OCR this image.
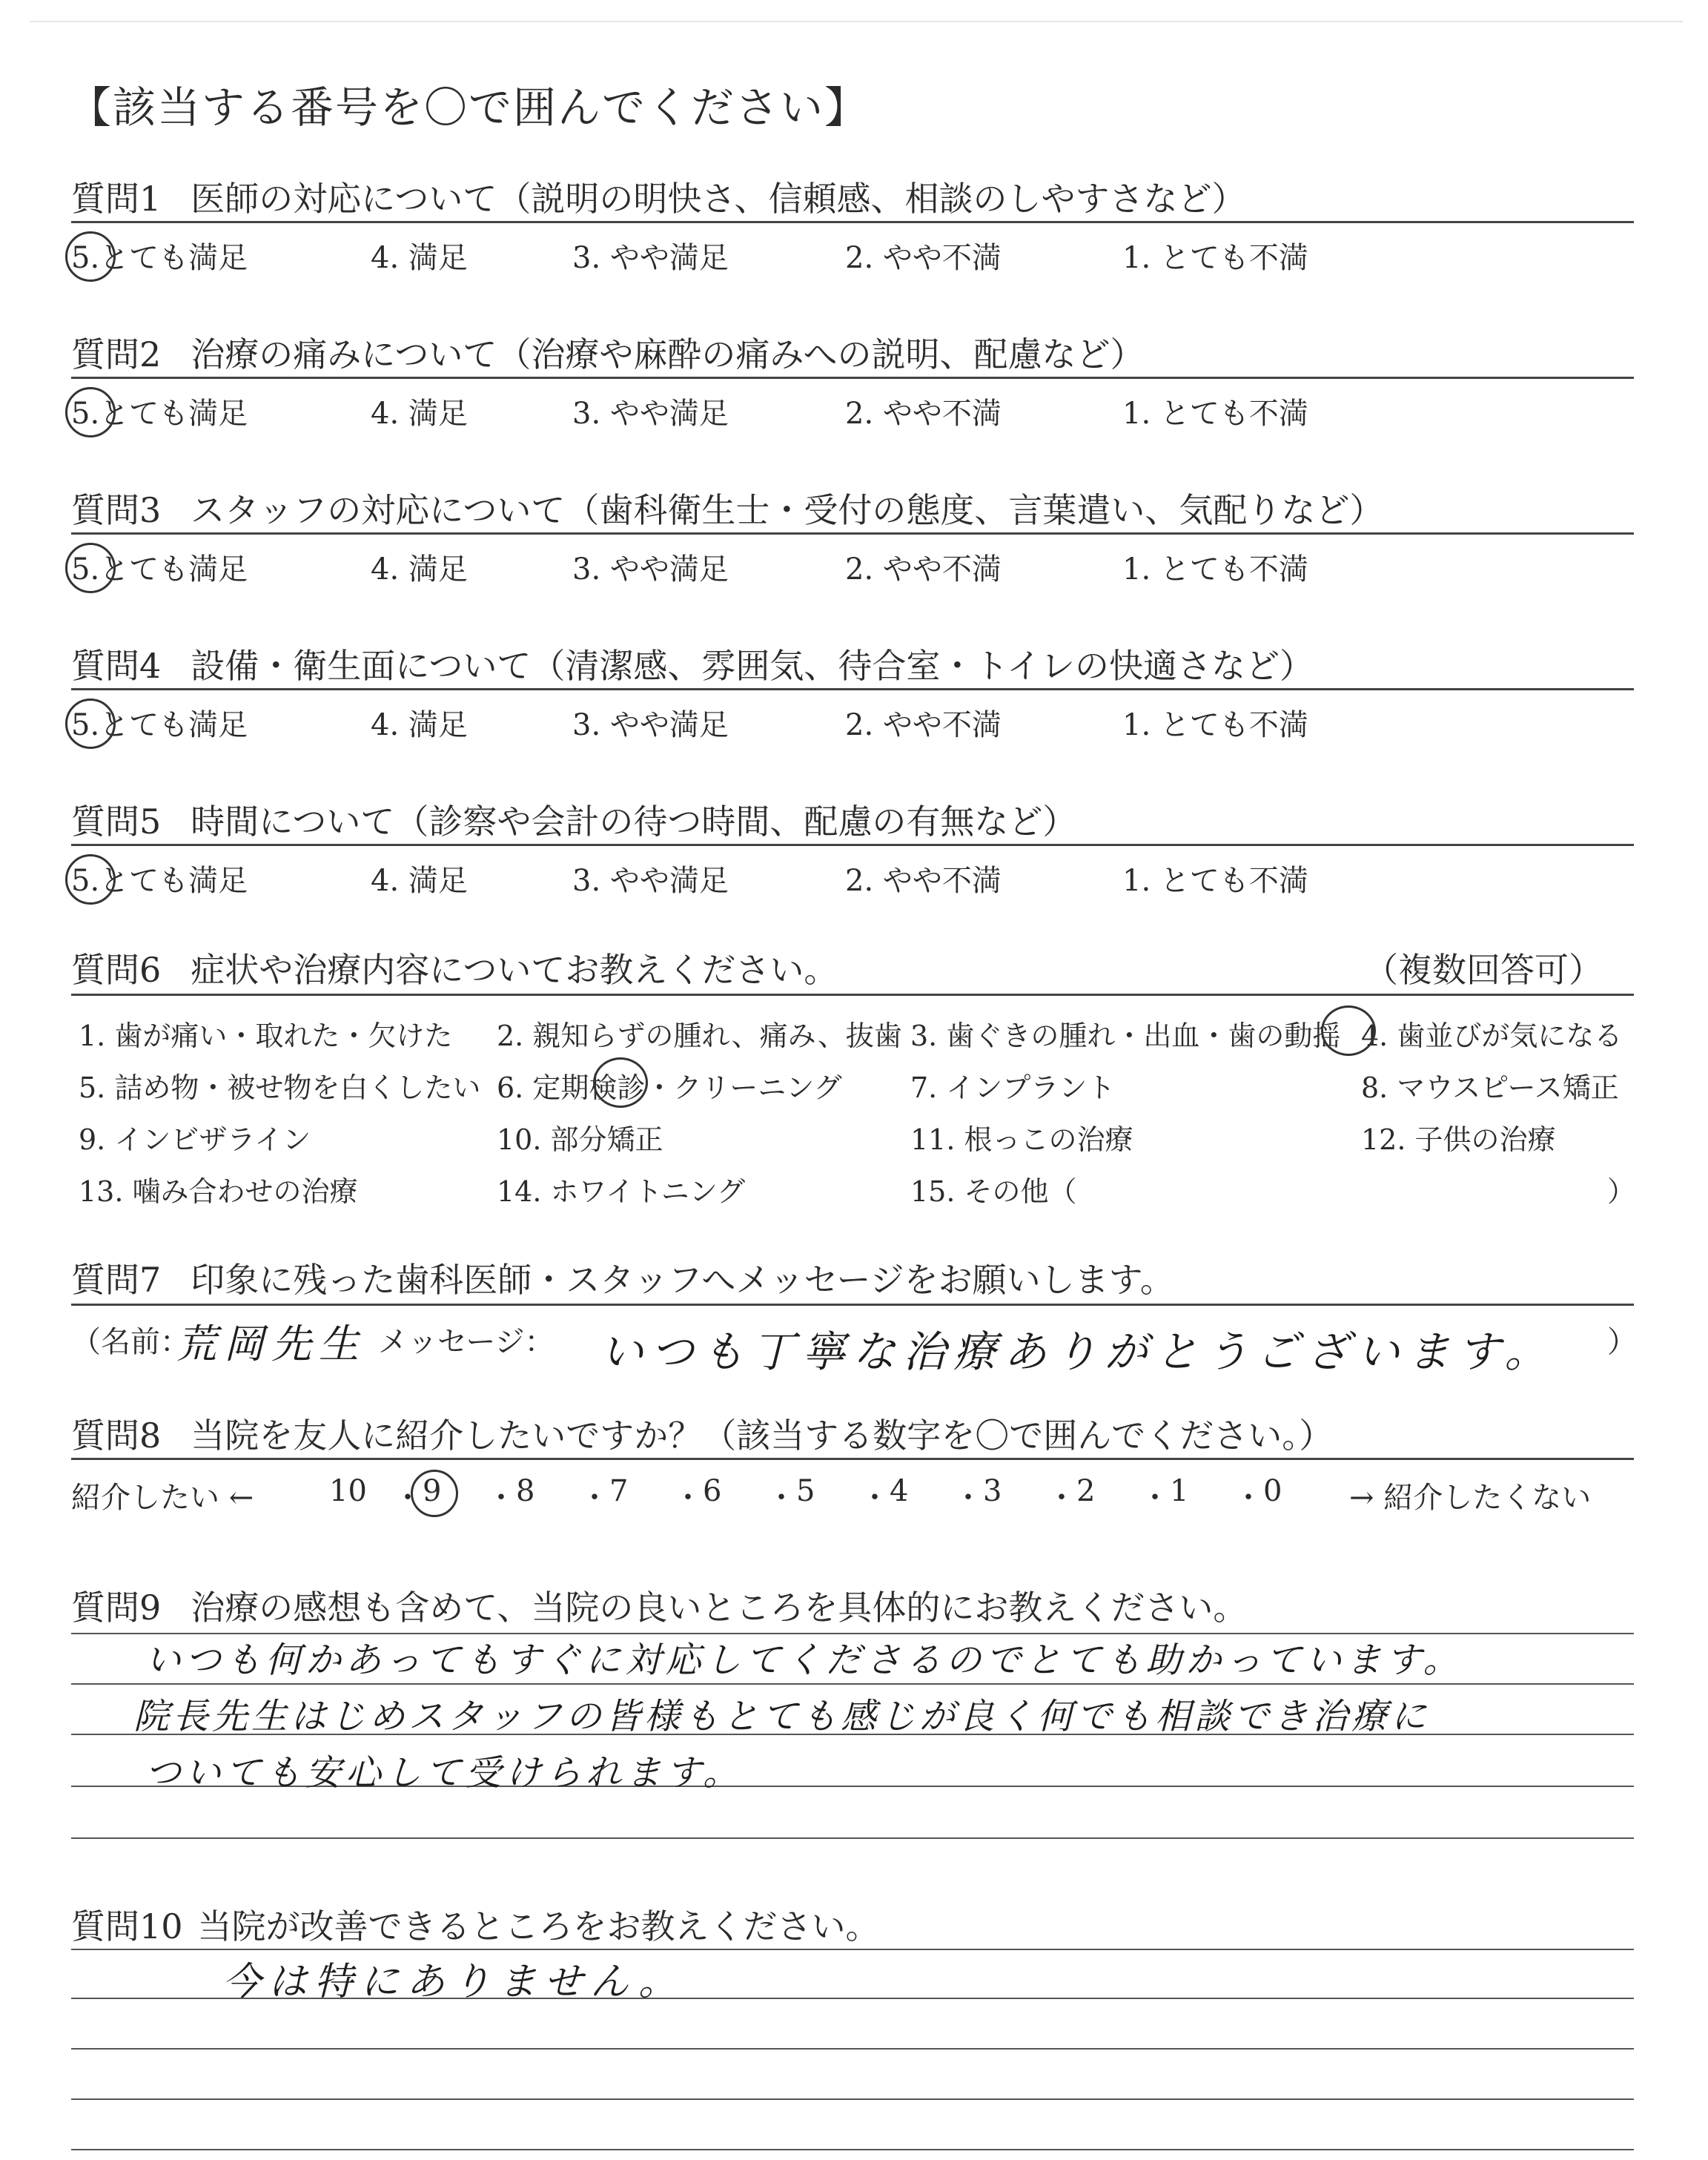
【該当する番号を〇で囲んでください】
質問1 医師の対応について（説明の明快さ、信頼感、相談のしやすさなど）
5.とても満足	4. 満足	3. やや満足	2. やや不満	1. とても不満
質問2 治療の痛みについて（治療や麻酔の痛みへの説明、配慮など）
5.とても満足	4. 満足	3. やや満足	2. やや不満	1. とても不満
質問3 スタッフの対応について（歯科衛生士・受付の態度、言葉遣い、気配りなど）
5.とても満足	4. 満足	3. やや満足	2. やや不満	1. とても不満
質問4 設備・衛生面について（清潔感、雰囲気、待合室・トイレの快適さなど）
5.とても満足	4. 満足	3. やや満足	2. やや不満	1. とても不満
質問5 時間について（診察や会計の待つ時間、配慮の有無など）
5.とても満足	4. 満足	3. やや満足	2. やや不満	1. とても不満
質問6 症状や治療内容についてお教えください。	（複数回答可）
1. 歯が痛い・取れた・欠けた 2. 親知らずの腫れ、痛み、抜歯 3. 歯ぐきの腫れ・出血・歯の動揺 4. 歯並びが気になる
5. 詰め物・被せ物を白くしたい 6. 定期検診・クリーニング 7. インプラント	8. マウスピース矯正
9. インビザライン	10. 部分矯正	11. 根っこの治療	12. 子供の治療
13. 噛み合わせの治療	14. ホワイトニング	15. その他（	）
質問7 印象に残った歯科医師・スタッフへメッセージをお願いします。
（名前：
荒岡先生 メッセージ： いつも丁寧な治療ありがとうございます。 ）
質問8 当院を友人に紹介したいですか？（該当する数字を〇で囲んでください。）
紹介したい ←	→ 紹介したくない
10 ・ 9 ・ 8 ・ 7 ・ 6 ・ 5 ・ 4 ・ 3 ・ 2 ・ 1 ・ 0
質問9 治療の感想も含めて、当院の良いところを具体的にお教えください。
いつも何かあってもすぐに対応してくださるのでとても助かっています。
院長先生はじめスタッフの皆様もとても感じが良く何でも相談でき治療に
ついても安心して受けられます。
質問10 当院が改善できるところをお教えください。
今は特にありません。
